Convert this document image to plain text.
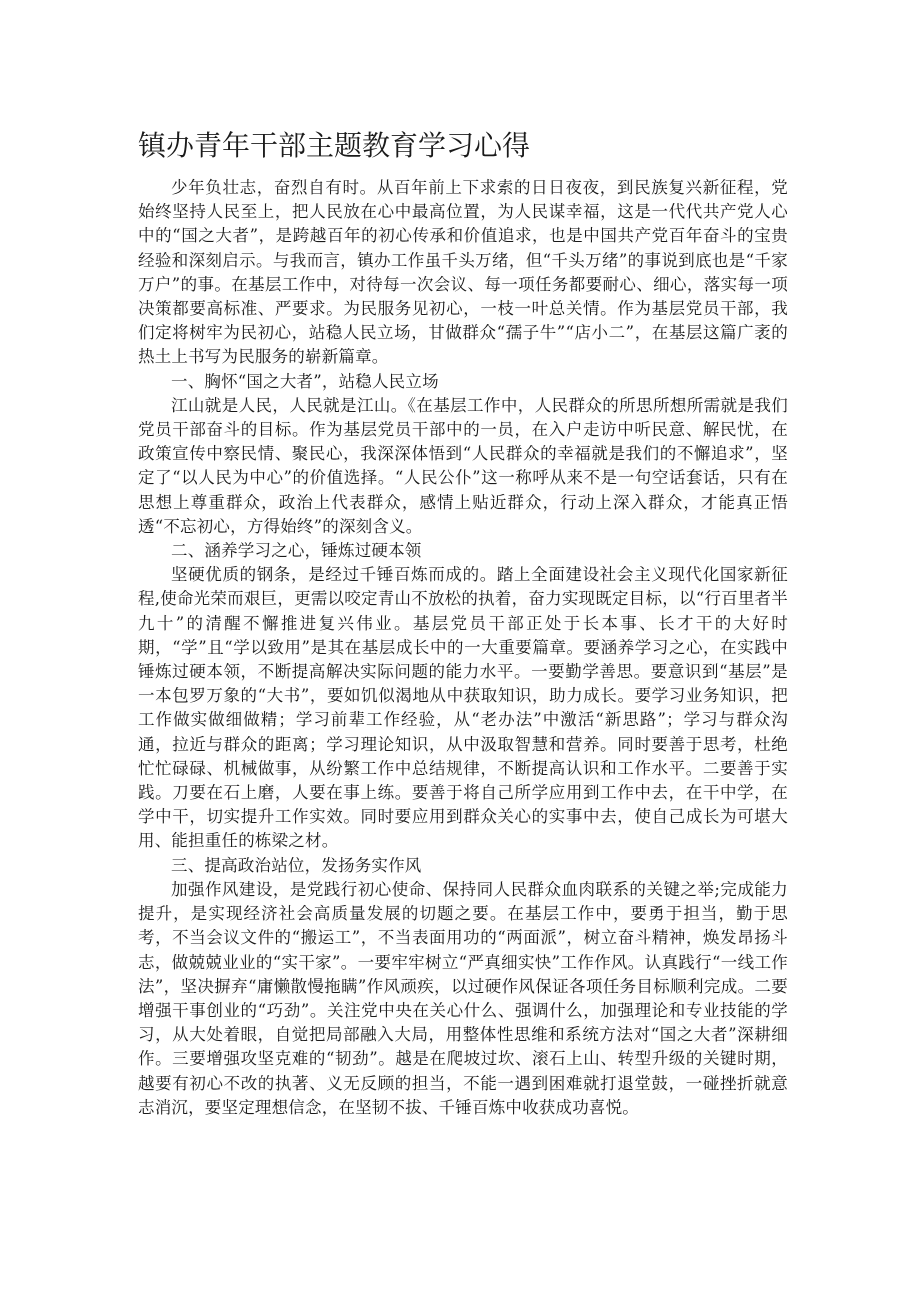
镇办青年干部主题教育学习心得

少年负壮志，奋烈自有时。从百年前上下求索的日日夜夜，到民族复兴新征程，党始终坚持人民至上，把人民放在心中最高位置，为人民谋幸福，这是一代代共产党人心中的“国之大者”，是跨越百年的初心传承和价值追求，也是中国共产党百年奋斗的宝贵经验和深刻启示。与我而言，镇办工作虽千头万绪，但“千头万绪”的事说到底也是“千家万户”的事。在基层工作中，对待每一次会议、每一项任务都要耐心、细心，落实每一项决策都要高标准、严要求。为民服务见初心，一枝一叶总关情。作为基层党员干部，我们定将树牢为民初心，站稳人民立场，甘做群众“孺子牛”“店小二”，在基层这篇广袤的热土上书写为民服务的崭新篇章。

一、胸怀“国之大者”，站稳人民立场

江山就是人民，人民就是江山。《在基层工作中，人民群众的所思所想所需就是我们党员干部奋斗的目标。作为基层党员干部中的一员，在入户走访中听民意、解民忧，在政策宣传中察民情、聚民心，我深深体悟到“人民群众的幸福就是我们的不懈追求”，坚定了“以人民为中心”的价值选择。“人民公仆”这一称呼从来不是一句空话套话，只有在思想上尊重群众，政治上代表群众，感情上贴近群众，行动上深入群众，才能真正悟透“不忘初心，方得始终”的深刻含义。

二、涵养学习之心，锤炼过硬本领

坚硬优质的钢条，是经过千锤百炼而成的。踏上全面建设社会主义现代化国家新征程,使命光荣而艰巨，更需以咬定青山不放松的执着，奋力实现既定目标，以“行百里者半九十”的清醒不懈推进复兴伟业。基层党员干部正处于长本事、长才干的大好时期，“学”且“学以致用”是其在基层成长中的一大重要篇章。要涵养学习之心，在实践中锤炼过硬本领，不断提高解决实际问题的能力水平。一要勤学善思。要意识到“基层”是一本包罗万象的“大书”，要如饥似渴地从中获取知识，助力成长。要学习业务知识，把工作做实做细做精；学习前辈工作经验，从“老办法”中激活“新思路”；学习与群众沟通，拉近与群众的距离；学习理论知识，从中汲取智慧和营养。同时要善于思考，杜绝忙忙碌碌、机械做事，从纷繁工作中总结规律，不断提高认识和工作水平。二要善于实践。刀要在石上磨，人要在事上练。要善于将自己所学应用到工作中去，在干中学，在学中干，切实提升工作实效。同时要应用到群众关心的实事中去，使自己成长为可堪大用、能担重任的栋梁之材。

三、提高政治站位，发扬务实作风

加强作风建设，是党践行初心使命、保持同人民群众血肉联系的关键之举;完成能力提升，是实现经济社会高质量发展的切题之要。在基层工作中，要勇于担当，勤于思考，不当会议文件的“搬运工”，不当表面用功的“两面派”，树立奋斗精神，焕发昂扬斗志，做兢兢业业的“实干家”。一要牢牢树立“严真细实快”工作作风。认真践行“一线工作法”，坚决摒弃“庸懒散慢拖瞒”作风顽疾，以过硬作风保证各项任务目标顺利完成。二要增强干事创业的“巧劲”。关注党中央在关心什么、强调什么，加强理论和专业技能的学习，从大处着眼，自觉把局部融入大局，用整体性思维和系统方法对“国之大者”深耕细作。三要增强攻坚克难的“韧劲”。越是在爬坡过坎、滚石上山、转型升级的关键时期，越要有初心不改的执著、义无反顾的担当，不能一遇到困难就打退堂鼓，一碰挫折就意志消沉，要坚定理想信念，在坚韧不拔、千锤百炼中收获成功喜悦。
